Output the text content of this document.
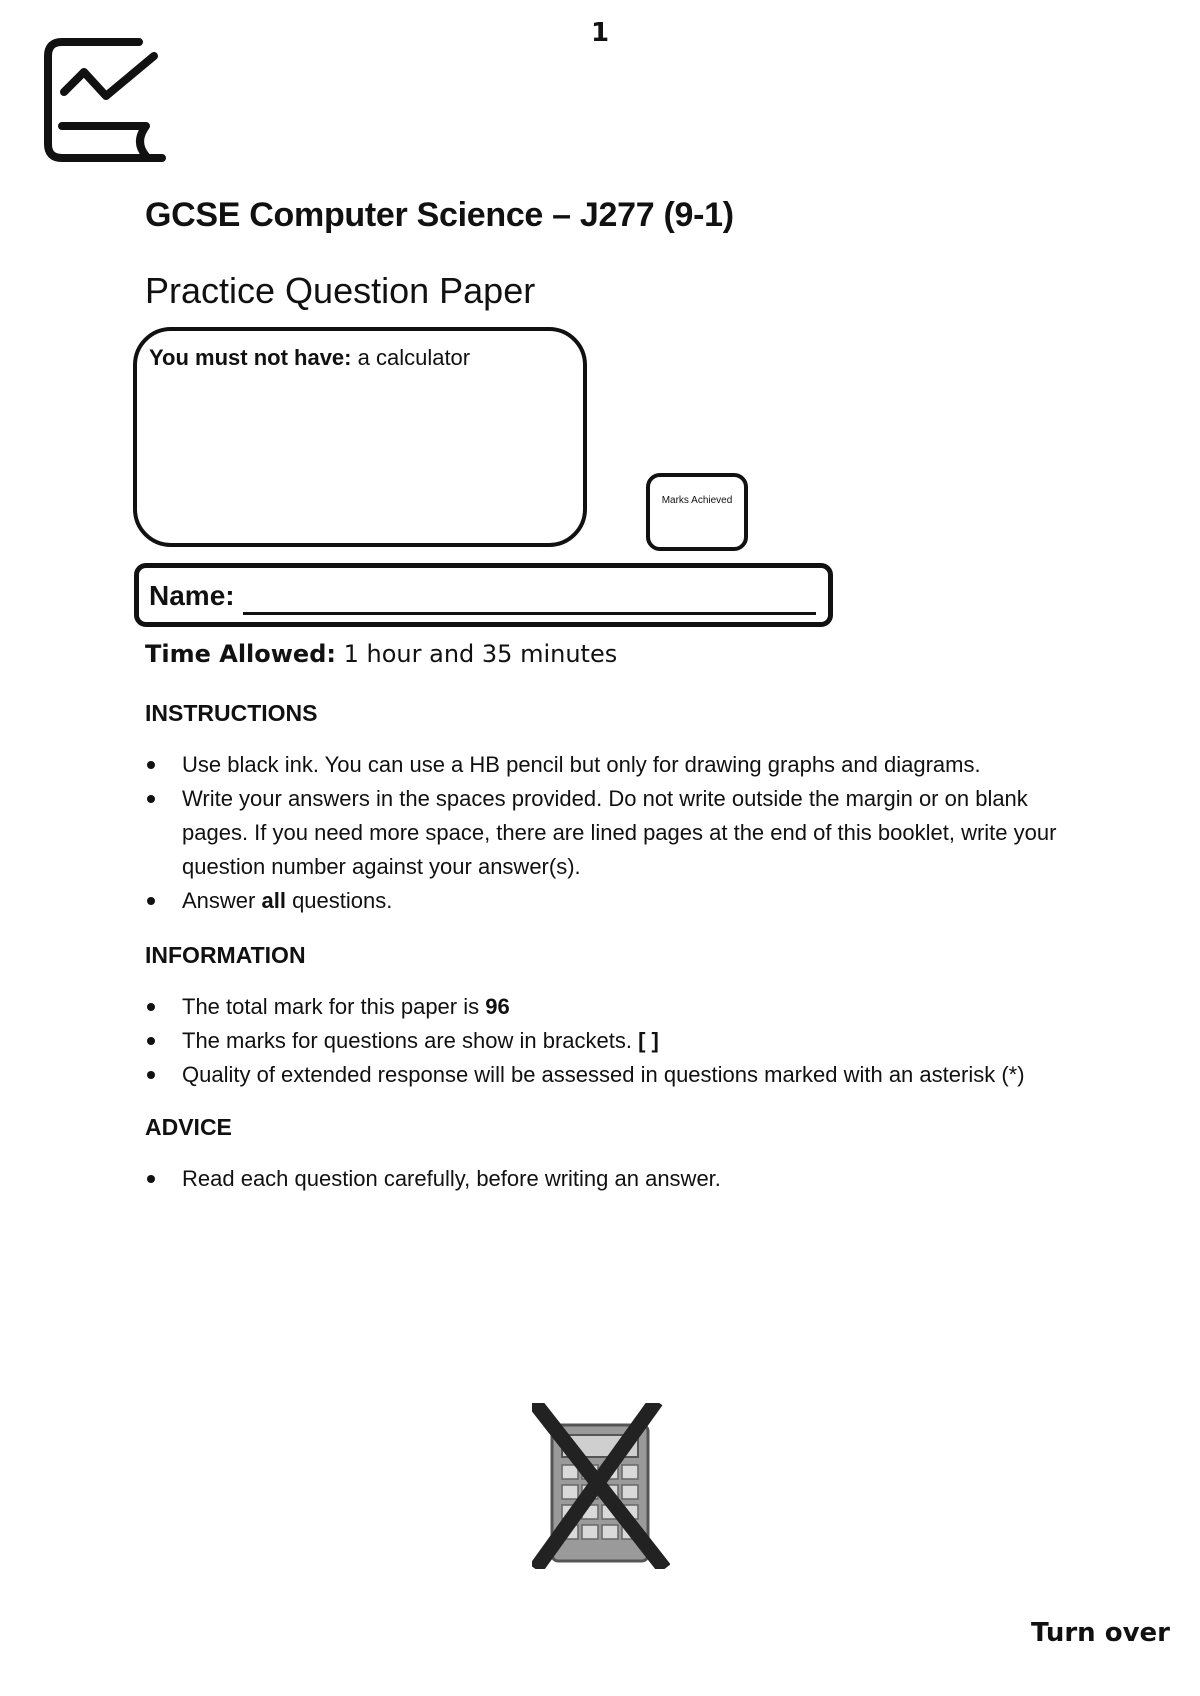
1
GCSE Computer Science – J277 (9-1)
Practice Question Paper
You must not have: a calculator
Marks Achieved
Name:
Time Allowed: 1 hour and 35 minutes
INSTRUCTIONS
Use black ink. You can use a HB pencil but only for drawing graphs and diagrams.
Write your answers in the spaces provided. Do not write outside the margin or on blank pages. If you need more space, there are lined pages at the end of this booklet, write your question number against your answer(s).
Answer all questions.
INFORMATION
The total mark for this paper is 96
The marks for questions are show in brackets. [ ]
Quality of extended response will be assessed in questions marked with an asterisk (*)
ADVICE
Read each question carefully, before writing an answer.
Turn over
